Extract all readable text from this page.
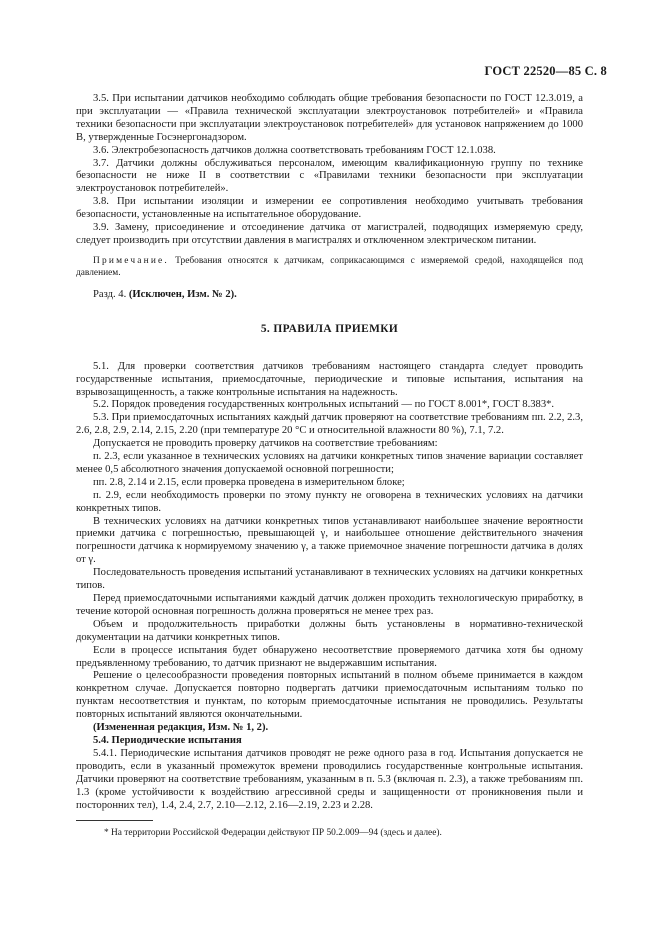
ГОСТ 22520—85 С. 8

3.5. При испытании датчиков необходимо соблюдать общие требования безопасности по ГОСТ 12.3.019, а при эксплуатации — «Правила технической эксплуатации электроустановок потребителей» и «Правила техники безопасности при эксплуатации электроустановок потребителей» для установок напряжением до 1000 В, утвержденные Госэнергонадзором.

3.6. Электробезопасность датчиков должна соответствовать требованиям ГОСТ 12.1.038.

3.7. Датчики должны обслуживаться персоналом, имеющим квалификационную группу по технике безопасности не ниже II в соответствии с «Правилами техники безопасности при эксплуатации электроустановок потребителей».

3.8. При испытании изоляции и измерении ее сопротивления необходимо учитывать требования безопасности, установленные на испытательное оборудование.

3.9. Замену, присоединение и отсоединение датчика от магистралей, подводящих измеряемую среду, следует производить при отсутствии давления в магистралях и отключенном электрическом питании.

Примечание. Требования относятся к датчикам, соприкасающимся с измеряемой средой, находящейся под давлением.

Разд. 4. (Исключен, Изм. № 2).

5. ПРАВИЛА ПРИЕМКИ

5.1. Для проверки соответствия датчиков требованиям настоящего стандарта следует проводить государственные испытания, приемосдаточные, периодические и типовые испытания, испытания на взрывозащищенность, а также контрольные испытания на надежность.

5.2. Порядок проведения государственных контрольных испытаний — по ГОСТ 8.001*, ГОСТ 8.383*.

5.3. При приемосдаточных испытаниях каждый датчик проверяют на соответствие требованиям пп. 2.2, 2.3, 2.6, 2.8, 2.9, 2.14, 2.15, 2.20 (при температуре 20 °С и относительной влажности 80 %), 7.1, 7.2.

Допускается не проводить проверку датчиков на соответствие требованиям:

п. 2.3, если указанное в технических условиях на датчики конкретных типов значение вариации составляет менее 0,5 абсолютного значения допускаемой основной погрешности;

пп. 2.8, 2.14 и 2.15, если проверка проведена в измерительном блоке;

п. 2.9, если необходимость проверки по этому пункту не оговорена в технических условиях на датчики конкретных типов.

В технических условиях на датчики конкретных типов устанавливают наибольшее значение вероятности приемки датчика с погрешностью, превышающей γ, и наибольшее отношение действительного значения погрешности датчика к нормируемому значению γ, а также приемочное значение погрешности датчика в долях от γ.

Последовательность проведения испытаний устанавливают в технических условиях на датчики конкретных типов.

Перед приемосдаточными испытаниями каждый датчик должен проходить технологическую приработку, в течение которой основная погрешность должна проверяться не менее трех раз.

Объем и продолжительность приработки должны быть установлены в нормативно-технической документации на датчики конкретных типов.

Если в процессе испытания будет обнаружено несоответствие проверяемого датчика хотя бы одному предъявленному требованию, то датчик признают не выдержавшим испытания.

Решение о целесообразности проведения повторных испытаний в полном объеме принимается в каждом конкретном случае. Допускается повторно подвергать датчики приемосдаточным испытаниям только по пунктам несоответствия и пунктам, по которым приемосдаточные испытания не проводились. Результаты повторных испытаний являются окончательными.

(Измененная редакция, Изм. № 1, 2).

5.4. Периодические испытания

5.4.1. Периодические испытания датчиков проводят не реже одного раза в год. Испытания допускается не проводить, если в указанный промежуток времени проводились государственные контрольные испытания. Датчики проверяют на соответствие требованиям, указанным в п. 5.3 (включая п. 2.3), а также требованиям пп. 1.3 (кроме устойчивости к воздействию агрессивной среды и защищенности от проникновения пыли и посторонних тел), 1.4, 2.4, 2.7, 2.10—2.12, 2.16—2.19, 2.23 и 2.28.

* На территории Российской Федерации действуют ПР 50.2.009—94 (здесь и далее).
